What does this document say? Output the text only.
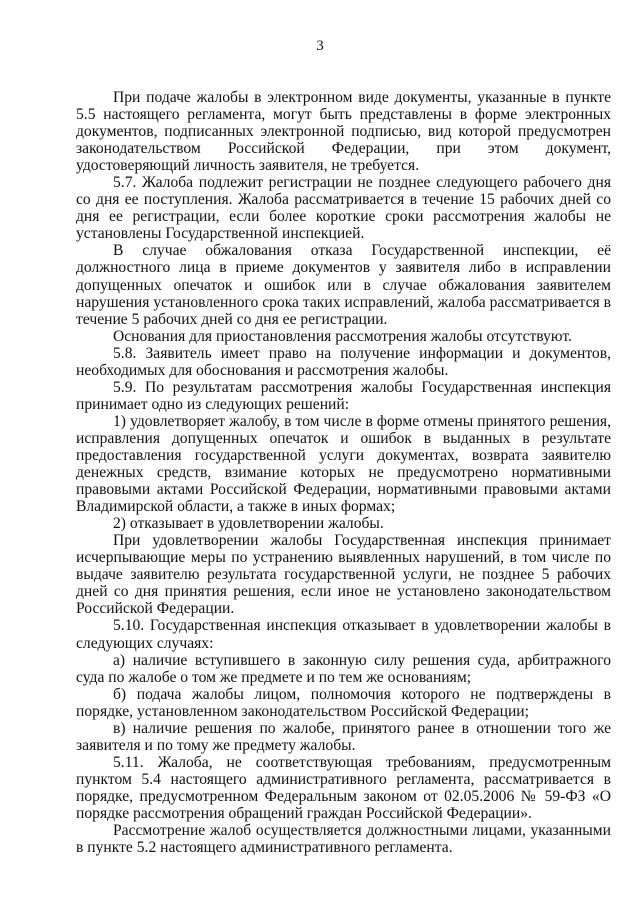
3

При подаче жалобы в электронном виде документы, указанные в пункте 5.5 настоящего регламента, могут быть представлены в форме электронных документов, подписанных электронной подписью, вид которой предусмотрен законодательством Российской Федерации, при этом документ, удостоверяющий личность заявителя, не требуется.

5.7. Жалоба подлежит регистрации не позднее следующего рабочего дня со дня ее поступления. Жалоба рассматривается в течение 15 рабочих дней со дня ее регистрации, если более короткие сроки рассмотрения жалобы не установлены Государственной инспекцией.

В случае обжалования отказа Государственной инспекции, её должностного лица в приеме документов у заявителя либо в исправлении допущенных опечаток и ошибок или в случае обжалования заявителем нарушения установленного срока таких исправлений, жалоба рассматривается в течение 5 рабочих дней со дня ее регистрации.

Основания для приостановления рассмотрения жалобы отсутствуют.

5.8. Заявитель имеет право на получение информации и документов, необходимых для обоснования и рассмотрения жалобы.

5.9. По результатам рассмотрения жалобы Государственная инспекция принимает одно из следующих решений:

1) удовлетворяет жалобу, в том числе в форме отмены принятого решения, исправления допущенных опечаток и ошибок в выданных в результате предоставления государственной услуги документах, возврата заявителю денежных средств, взимание которых не предусмотрено нормативными правовыми актами Российской Федерации, нормативными правовыми актами Владимирской области, а также в иных формах;

2) отказывает в удовлетворении жалобы.

При удовлетворении жалобы Государственная инспекция принимает исчерпывающие меры по устранению выявленных нарушений, в том числе по выдаче заявителю результата государственной услуги, не позднее 5 рабочих дней со дня принятия решения, если иное не установлено законодательством Российской Федерации.

5.10. Государственная инспекция отказывает в удовлетворении жалобы в следующих случаях:

а) наличие вступившего в законную силу решения суда, арбитражного суда по жалобе о том же предмете и по тем же основаниям;

б) подача жалобы лицом, полномочия которого не подтверждены в порядке, установленном законодательством Российской Федерации;

в) наличие решения по жалобе, принятого ранее в отношении того же заявителя и по тому же предмету жалобы.

5.11. Жалоба, не соответствующая требованиям, предусмотренным пунктом 5.4 настоящего административного регламента, рассматривается в порядке, предусмотренном Федеральным законом от 02.05.2006 № 59-ФЗ «О порядке рассмотрения обращений граждан Российской Федерации».

Рассмотрение жалоб осуществляется должностными лицами, указанными в пункте 5.2 настоящего административного регламента.
